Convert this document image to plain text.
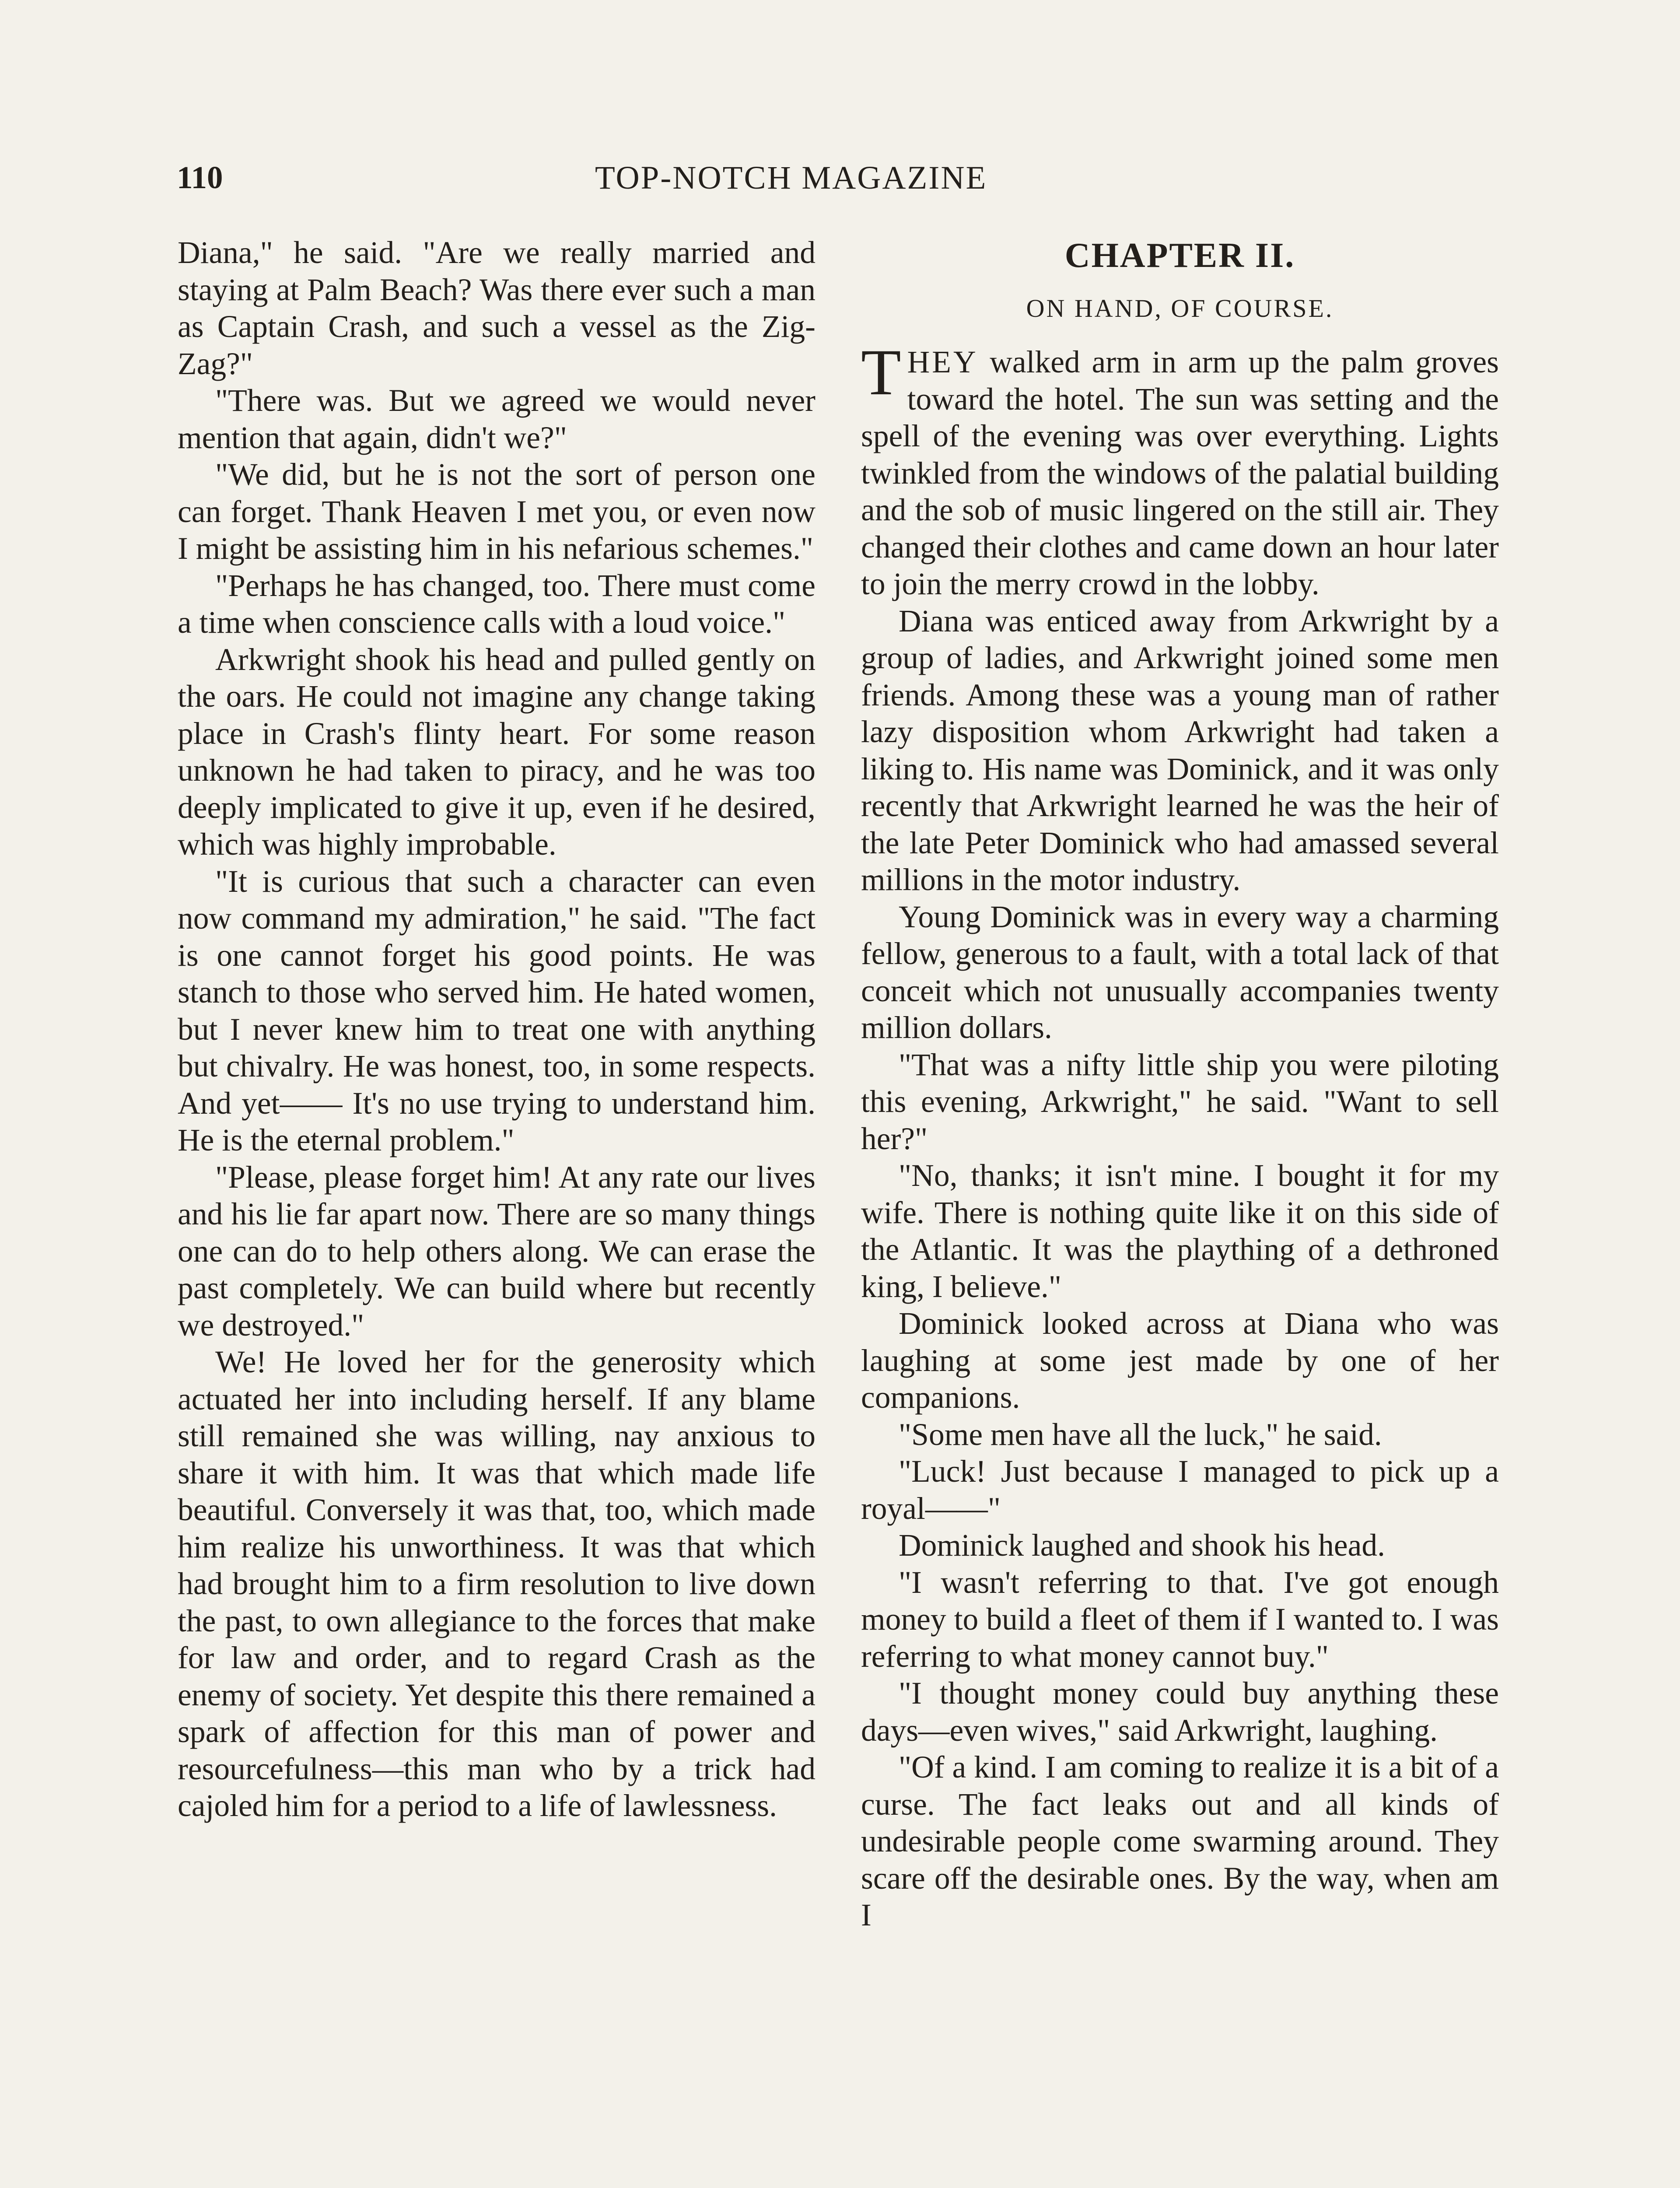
110	TOP-NOTCH MAGAZINE

Diana," he said. "Are we really married and staying at Palm Beach? Was there ever such a man as Captain Crash, and such a vessel as the Zig-Zag?"

"There was. But we agreed we would never mention that again, didn't we?"

"We did, but he is not the sort of person one can forget. Thank Heaven I met you, or even now I might be assisting him in his nefarious schemes."

"Perhaps he has changed, too. There must come a time when conscience calls with a loud voice."

Arkwright shook his head and pulled gently on the oars. He could not imagine any change taking place in Crash's flinty heart. For some reason unknown he had taken to piracy, and he was too deeply implicated to give it up, even if he desired, which was highly improbable.

"It is curious that such a character can even now command my admiration," he said. "The fact is one cannot forget his good points. He was stanch to those who served him. He hated women, but I never knew him to treat one with anything but chivalry. He was honest, too, in some respects. And yet—— It's no use trying to understand him. He is the eternal problem."

"Please, please forget him! At any rate our lives and his lie far apart now. There are so many things one can do to help others along. We can erase the past completely. We can build where but recently we destroyed."

We! He loved her for the generosity which actuated her into including herself. If any blame still remained she was willing, nay anxious to share it with him. It was that which made life beautiful. Conversely it was that, too, which made him realize his unworthiness. It was that which had brought him to a firm resolution to live down the past, to own allegiance to the forces that make for law and order, and to regard Crash as the enemy of society. Yet despite this there remained a spark of affection for this man of power and resourcefulness—this man who by a trick had cajoled him for a period to a life of lawlessness.

CHAPTER II.
ON HAND, OF COURSE.

THEY walked arm in arm up the palm groves toward the hotel. The sun was setting and the spell of the evening was over everything. Lights twinkled from the windows of the palatial building and the sob of music lingered on the still air. They changed their clothes and came down an hour later to join the merry crowd in the lobby.

Diana was enticed away from Arkwright by a group of ladies, and Arkwright joined some men friends. Among these was a young man of rather lazy disposition whom Arkwright had taken a liking to. His name was Dominick, and it was only recently that Arkwright learned he was the heir of the late Peter Dominick who had amassed several millions in the motor industry.

Young Dominick was in every way a charming fellow, generous to a fault, with a total lack of that conceit which not unusually accompanies twenty million dollars.

"That was a nifty little ship you were piloting this evening, Arkwright," he said. "Want to sell her?"

"No, thanks; it isn't mine. I bought it for my wife. There is nothing quite like it on this side of the Atlantic. It was the plaything of a dethroned king, I believe."

Dominick looked across at Diana who was laughing at some jest made by one of her companions.

"Some men have all the luck," he said.

"Luck! Just because I managed to pick up a royal——"

Dominick laughed and shook his head.

"I wasn't referring to that. I've got enough money to build a fleet of them if I wanted to. I was referring to what money cannot buy."

"I thought money could buy anything these days—even wives," said Arkwright, laughing.

"Of a kind. I am coming to realize it is a bit of a curse. The fact leaks out and all kinds of undesirable people come swarming around. They scare off the desirable ones. By the way, when am I
